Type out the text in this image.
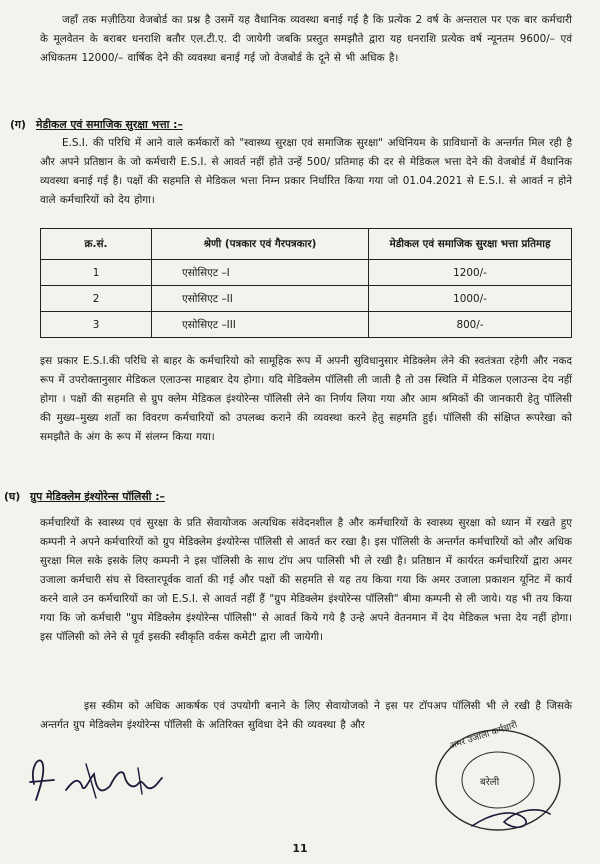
जहाँ तक मज़ीठिया वेजबोर्ड का प्रश्न है उसमें यह वैधानिक व्यवस्था बनाई गई है कि प्रत्येक 2 वर्ष के अन्तराल पर एक बार कर्मचारी के मूलवेतन के बराबर धनराशि बतौर एल.टी.ए. दी जायेगी जबकि प्रस्तुत समझौते द्वारा यह धनराशि प्रत्येक वर्ष न्यूनतम 9600/– एवं अधिकतम 12000/– वार्षिक देने की व्यवस्था बनाई गई जो वेजबोर्ड के दूने से भी अधिक है।

(ग) मेडीकल एवं समाजिक सुरक्षा भत्ता :–

E.S.I. की परिधि में आने वाले कर्मकारों को "स्वास्थ्य सुरक्षा एवं समाजिक सुरक्षा" अधिनियम के प्राविधानों के अन्तर्गत मिल रही है और अपने प्रतिष्ठान के जो कर्मचारी E.S.I. से आवर्त नहीं होते उन्हें 500/ प्रतिमाह की दर से मेडिकल भत्ता देने की वेजबोर्ड में वैधानिक व्यवस्था बनाई गई है। पक्षों की सहमति से मेडिकल भत्ता निम्न प्रकार निर्धारित किया गया जो 01.04.2021 से E.S.I. से आवर्त न होने वाले कर्मचारियों को देय होगा।

क्र.सं.	श्रेणी (पत्रकार एवं गैरपत्रकार)	मेडीकल एवं समाजिक सुरक्षा भत्ता प्रतिमाह
1	एसोसिएट –I	1200/-
2	एसोसिएट –II	1000/-
3	एसोसिएट –III	800/-

इस प्रकार E.S.I.की परिधि से बाहर के कर्मचारियो को सामूहिक रूप में अपनी सुविधानुसार मेडिक्लेम लेने की स्वतंत्रता रहेगी और नकद रूप में उपरोक्तानुसार मेडिकल एलाउन्स माहबार देय होगा। यदि मेडिक्लेम पॉलिसी ली जाती है तो उस स्थिति में मेडिकल एलाउन्स देय नहीं होगा । पक्षों की सहमति से ग्रुप क्लेम मेडिकल इंश्योरेन्स पॉलिसी लेने का निर्णय लिया गया और आम श्रमिकों की जानकारी हेतु पॉलिसी की मुख्य–मुख्य शर्तो का विवरण कर्मचारियों को उपलब्ध कराने की व्यवस्था करने हेतु सहमति हुई। पॉलिसी की संक्षिप्त रूपरेखा को समझौते के अंग के रूप में संलग्न किया गया।

(घ) ग्रुप मेडिक्लेम इंश्योरेन्स पॉलिसी :–

कर्मचारियों के स्वास्थ्य एवं सुरक्षा के प्रति सेवायोजक अत्यधिक संवेदनशील है और कर्मचारियों के स्वास्थ्य सुरक्षा को ध्यान में रखते हुए कम्पनी ने अपने कर्मचारियों को ग्रुप मेडिक्लेम इंश्योरेन्स पॉलिसी से आवर्त कर रखा है। इस पॉलिसी के अन्तर्गत कर्मचारियों को और अधिक सुरक्षा मिल सके इसके लिए कम्पनी ने इस पॉलिसी के साथ टॉप अप पालिसी भी ले रखी है। प्रतिष्ठान में कार्यरत कर्मचारियों द्वारा अमर उजाला कर्मचारी संघ से विस्तारपूर्वक वार्ता की गई और पक्षों की सहमति से यह तय किया गया कि अमर उजाला प्रकाशन यूनिट में कार्य करने वाले उन कर्मचारियों का जो E.S.I. से आवर्त नहीं हैं "ग्रुप मेडिक्लेम इंश्योरेन्स पॉलिसी" बीमा कम्पनी से ली जाये। यह भी तय किया गया कि जो कर्मचारी "ग्रुप मेडिक्लेम इंश्योरेन्स पॉलिसी" से आवर्त किये गये है उन्हे अपने वेतनमान में देय मेडिकल भत्ता देय नहीं होगा। इस पॉलिसी को लेने से पूर्व इसकी स्वीकृति वर्कस कमेटी द्वारा ली जायेगी।

इस स्कीम को अधिक आकर्षक एवं उपयोगी बनाने के लिए सेवायोजको ने इस पर टॉपअप पॉलिसी भी ले रखी है जिसके अन्तर्गत ग्रुप मेडिक्लेम इंश्योरेन्स पॉलिसी के अतिरिक्त सुविधा देने की व्यवस्था है और	अमर उजाला कर्मचारी
बरेली
11
